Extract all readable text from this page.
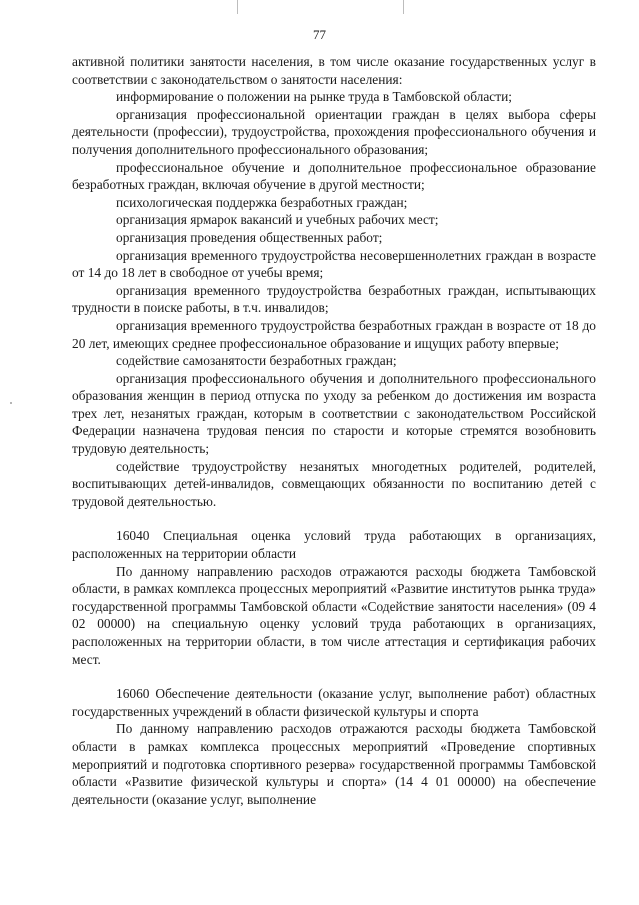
77

активной политики занятости населения, в том числе оказание государственных услуг в соответствии с законодательством о занятости населения:

информирование о положении на рынке труда в Тамбовской области;

организация профессиональной ориентации граждан в целях выбора сферы деятельности (профессии), трудоустройства, прохождения профессионального обучения и получения дополнительного профессионального образования;

профессиональное обучение и дополнительное профессиональное образование безработных граждан, включая обучение в другой местности;

психологическая поддержка безработных граждан;

организация ярмарок вакансий и учебных рабочих мест;

организация проведения общественных работ;

организация временного трудоустройства несовершеннолетних граждан в возрасте от 14 до 18 лет в свободное от учебы время;

организация временного трудоустройства безработных граждан, испытывающих трудности в поиске работы, в т.ч. инвалидов;

организация временного трудоустройства безработных граждан в возрасте от 18 до 20 лет, имеющих среднее профессиональное образование и ищущих работу впервые;

содействие самозанятости безработных граждан;

организация профессионального обучения и дополнительного профессионального образования женщин в период отпуска по уходу за ребенком до достижения им возраста трех лет, незанятых граждан, которым в соответствии с законодательством Российской Федерации назначена трудовая пенсия по старости и которые стремятся возобновить трудовую деятельность;

содействие трудоустройству незанятых многодетных родителей, родителей, воспитывающих детей-инвалидов, совмещающих обязанности по воспитанию детей с трудовой деятельностью.

16040 Специальная оценка условий труда работающих в организациях, расположенных на территории области

По данному направлению расходов отражаются расходы бюджета Тамбовской области, в рамках комплекса процессных мероприятий «Развитие институтов рынка труда» государственной программы Тамбовской области «Содействие занятости населения» (09 4 02 00000) на специальную оценку условий труда работающих в организациях, расположенных на территории области, в том числе аттестация и сертификация рабочих мест.

16060 Обеспечение деятельности (оказание услуг, выполнение работ) областных государственных учреждений в области физической культуры и спорта

По данному направлению расходов отражаются расходы бюджета Тамбовской области в рамках комплекса процессных мероприятий «Проведение спортивных мероприятий и подготовка спортивного резерва» государственной программы Тамбовской области «Развитие физической культуры и спорта» (14 4 01 00000) на обеспечение деятельности (оказание услуг, выполнение
